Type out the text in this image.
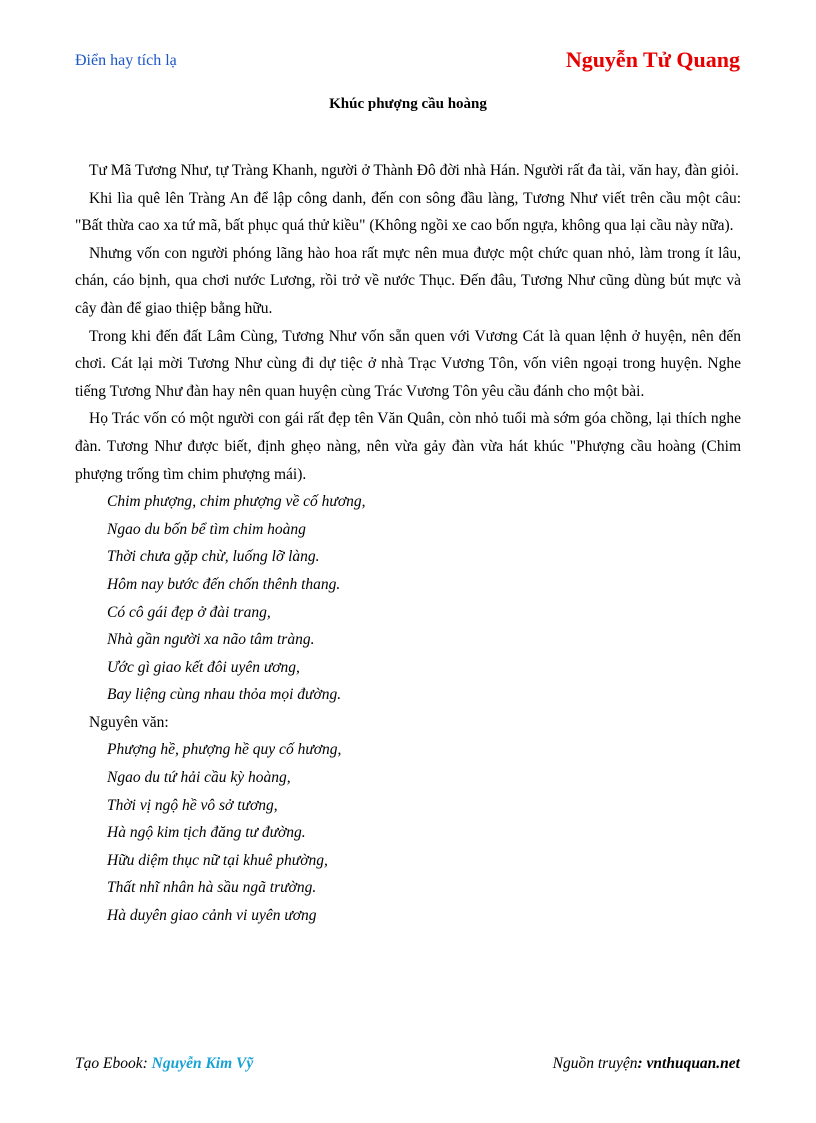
Điển hay tích lạ	Nguyễn Tử Quang
Khúc phượng cầu hoàng

Tư Mã Tương Như, tự Tràng Khanh, người ở Thành Đô đời nhà Hán. Người rất đa tài, văn hay, đàn giỏi.

Khi lìa quê lên Tràng An để lập công danh, đến con sông đầu làng, Tương Như viết trên cầu một câu: "Bất thừa cao xa tứ mã, bất phục quá thử kiều" (Không ngồi xe cao bốn ngựa, không qua lại cầu này nữa).

Nhưng vốn con người phóng lãng hào hoa rất mực nên mua được một chức quan nhỏ, làm trong ít lâu, chán, cáo bịnh, qua chơi nước Lương, rồi trở về nước Thục. Đến đâu, Tương Như cũng dùng bút mực và cây đàn để giao thiệp bằng hữu.

Trong khi đến đất Lâm Cùng, Tương Như vốn sẵn quen với Vương Cát là quan lệnh ở huyện, nên đến chơi. Cát lại mời Tương Như cùng đi dự tiệc ở nhà Trạc Vương Tôn, vốn viên ngoại trong huyện. Nghe tiếng Tương Như đàn hay nên quan huyện cùng Trác Vương Tôn yêu cầu đánh cho một bài.

Họ Trác vốn có một người con gái rất đẹp tên Văn Quân, còn nhỏ tuổi mà sớm góa chồng, lại thích nghe đàn. Tương Như được biết, định ghẹo nàng, nên vừa gảy đàn vừa hát khúc "Phượng cầu hoàng (Chim phượng trống tìm chim phượng mái).

Chim phượng, chim phượng về cố hương,

Ngao du bốn bể tìm chim hoàng

Thời chưa gặp chừ, luống lỡ làng.

Hôm nay bước đến chốn thênh thang.

Có cô gái đẹp ở đài trang,

Nhà gần người xa não tâm tràng.

Ước gì giao kết đôi uyên ương,

Bay liệng cùng nhau thỏa mọi đường.

Nguyên văn:

Phượng hề, phượng hề quy cố hương,

Ngao du tứ hải cầu kỳ hoàng,

Thời vị ngộ hề vô sở tương,

Hà ngộ kim tịch đăng tư đường.

Hữu diệm thục nữ tại khuê phường,

Thất nhĩ nhân hà sầu ngã trường.

Hà duyên giao cảnh vi uyên ương

Tạo Ebook: Nguyễn Kim Vỹ	Nguồn truyện: vnthuquan.net
